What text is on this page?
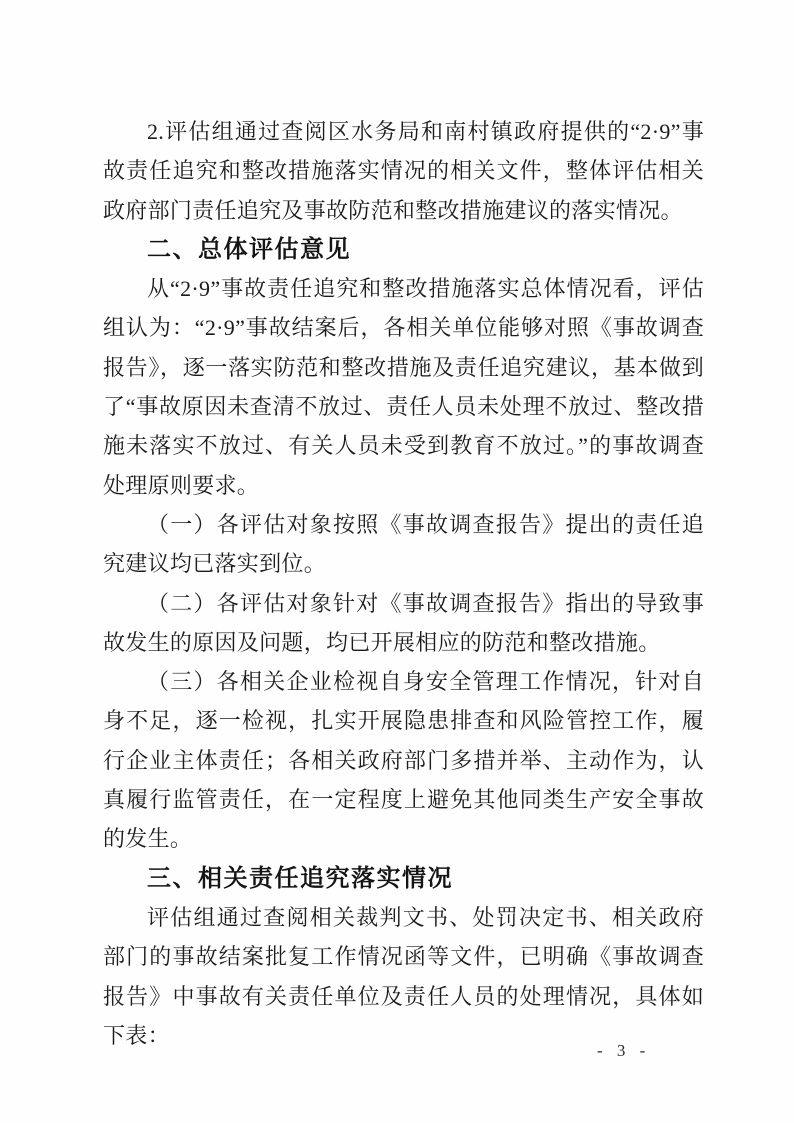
2.评估组通过查阅区水务局和南村镇政府提供的“2·9”事故责任追究和整改措施落实情况的相关文件，整体评估相关政府部门责任追究及事故防范和整改措施建议的落实情况。

二、总体评估意见

从“2·9”事故责任追究和整改措施落实总体情况看，评估组认为：“2·9”事故结案后，各相关单位能够对照《事故调查报告》，逐一落实防范和整改措施及责任追究建议，基本做到了“事故原因未查清不放过、责任人员未处理不放过、整改措施未落实不放过、有关人员未受到教育不放过。”的事故调查处理原则要求。

（一）各评估对象按照《事故调查报告》提出的责任追究建议均已落实到位。

（二）各评估对象针对《事故调查报告》指出的导致事故发生的原因及问题，均已开展相应的防范和整改措施。

（三）各相关企业检视自身安全管理工作情况，针对自身不足，逐一检视，扎实开展隐患排查和风险管控工作，履行企业主体责任；各相关政府部门多措并举、主动作为，认真履行监管责任，在一定程度上避免其他同类生产安全事故的发生。

三、相关责任追究落实情况

评估组通过查阅相关裁判文书、处罚决定书、相关政府部门的事故结案批复工作情况函等文件，已明确《事故调查报告》中事故有关责任单位及责任人员的处理情况，具体如下表：

- 3 -
